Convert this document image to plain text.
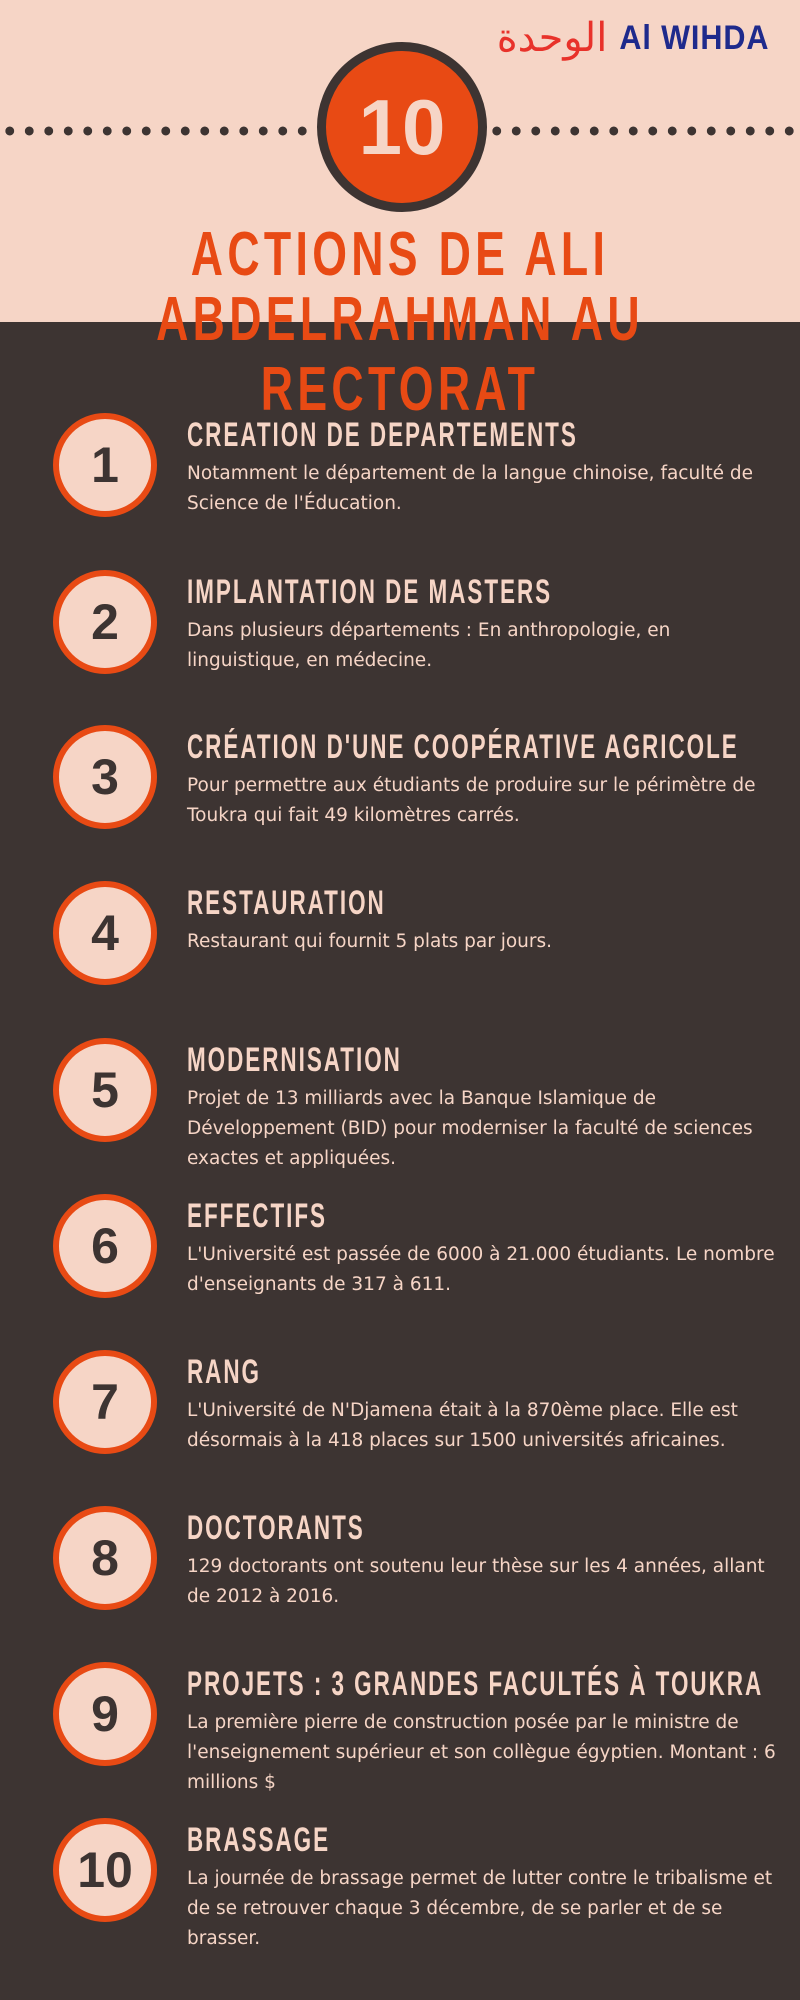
الوحدة Al WIHDA
10
ACTIONS DE ALI
ABDELRAHMAN AU RECTORAT
1
CREATION DE DEPARTEMENTS
Notamment le département de la langue chinoise, faculté de Science de l'Éducation.
2
IMPLANTATION DE MASTERS
Dans plusieurs départements : En anthropologie, en linguistique, en médecine.
3
CRÉATION D'UNE COOPÉRATIVE AGRICOLE
Pour permettre aux étudiants de produire sur le périmètre de Toukra qui fait 49 kilomètres carrés.
4
RESTAURATION
Restaurant qui fournit 5 plats par jours.
5
MODERNISATION
Projet de 13 milliards avec la Banque Islamique de Développement (BID) pour moderniser la faculté de sciences exactes et appliquées.
6
EFFECTIFS
L'Université est passée de 6000 à 21.000 étudiants. Le nombre d'enseignants de 317 à 611.
7
RANG
L'Université de N'Djamena était à la 870ème place. Elle est désormais à la 418 places sur 1500 universités africaines.
8
DOCTORANTS
129 doctorants ont soutenu leur thèse sur les 4 années, allant de 2012 à 2016.
9
PROJETS : 3 GRANDES FACULTÉS À TOUKRA
La première pierre de construction posée par le ministre de l'enseignement supérieur et son collègue égyptien. Montant : 6 millions $
10
BRASSAGE
La journée de brassage permet de lutter contre le tribalisme et de se retrouver chaque 3 décembre, de se parler et de se brasser.
